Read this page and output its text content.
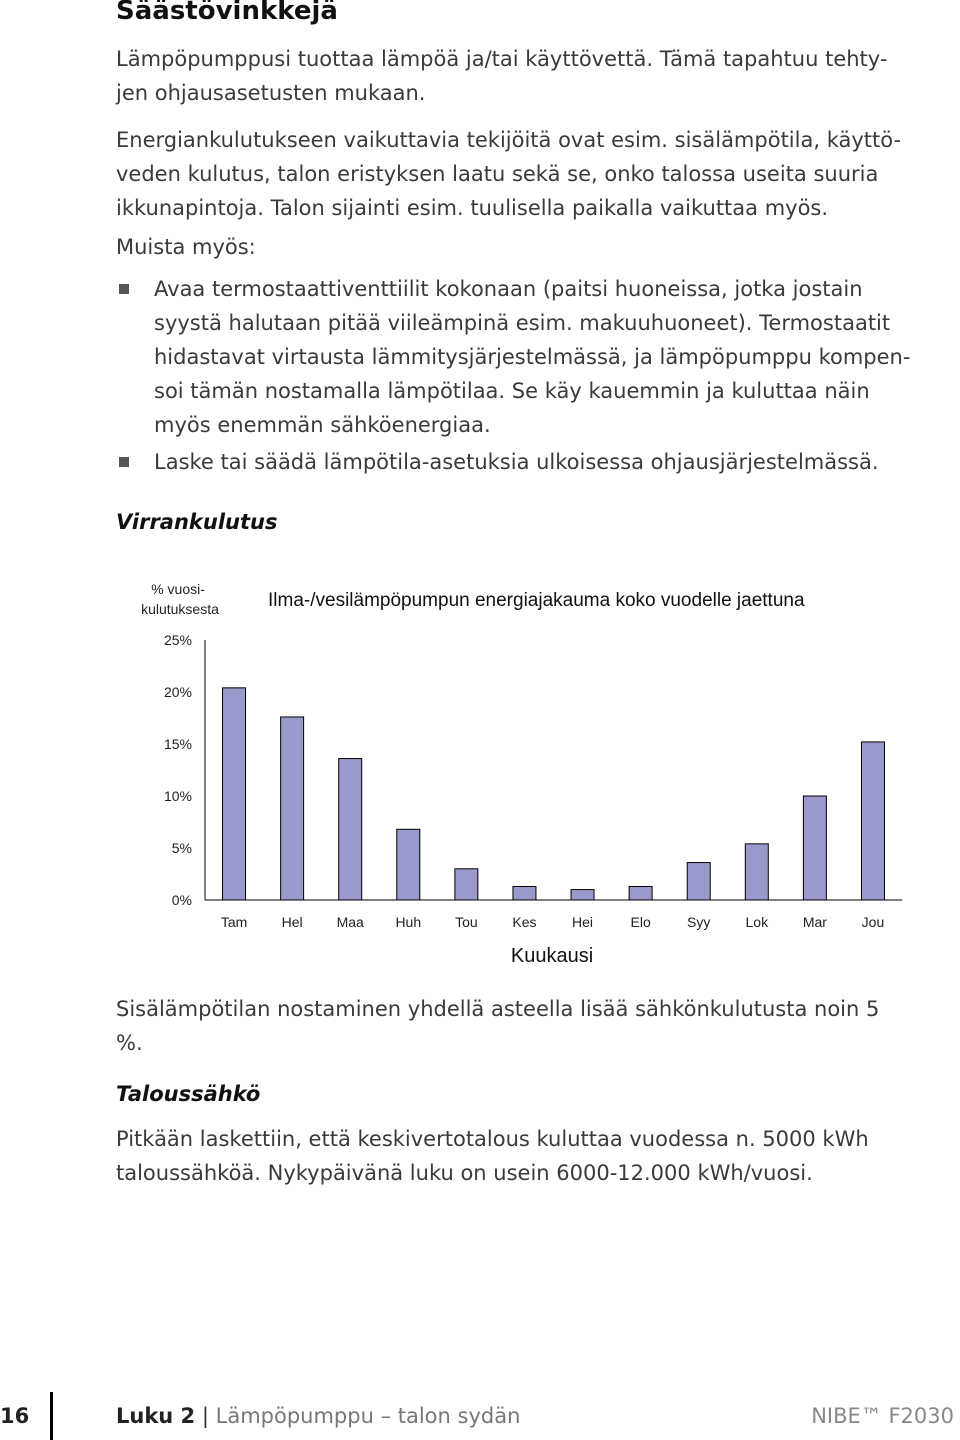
Säästövinkkejä

Lämpöpumppusi tuottaa lämpöä ja/tai käyttövettä. Tämä tapahtuu tehty-
jen ohjausasetusten mukaan.

Energiankulutukseen vaikuttavia tekijöitä ovat esim. sisälämpötila, käyttö-
veden kulutus, talon eristyksen laatu sekä se, onko talossa useita suuria
ikkunapintoja. Talon sijainti esim. tuulisella paikalla vaikuttaa myös.

Muista myös:

Avaa termostaattiventtiilit kokonaan (paitsi huoneissa, jotka jostain
syystä halutaan pitää viileämpinä esim. makuuhuoneet). Termostaatit
hidastavat virtausta lämmitysjärjestelmässä, ja lämpöpumppu kompen-
soi tämän nostamalla lämpötilaa. Se käy kauemmin ja kuluttaa näin
myös enemmän sähköenergiaa.
Laske tai säädä lämpötila-asetuksia ulkoisessa ohjausjärjestelmässä.
Virrankulutus
% vuosi- kulutuksesta	Ilma-/vesilämpöpumpun energiajakauma koko vuodelle jaettuna
0%
5%
10%
15%
20%
25%
Tam Hel Maa Huh Tou Kes	Hei	Elo	Syy	Lok Mar Jou
Kuukausi

Sisälämpötilan nostaminen yhdellä asteella lisää sähkönkulutusta noin 5
%.

Taloussähkö

Pitkään laskettiin, että keskivertotalous kuluttaa vuodessa n. 5000 kWh
taloussähköä. Nykypäivänä luku on usein 6000-12.000 kWh/vuosi.

16	Luku 2 | Lämpöpumppu – talon sydän	NIBE™ F2030
